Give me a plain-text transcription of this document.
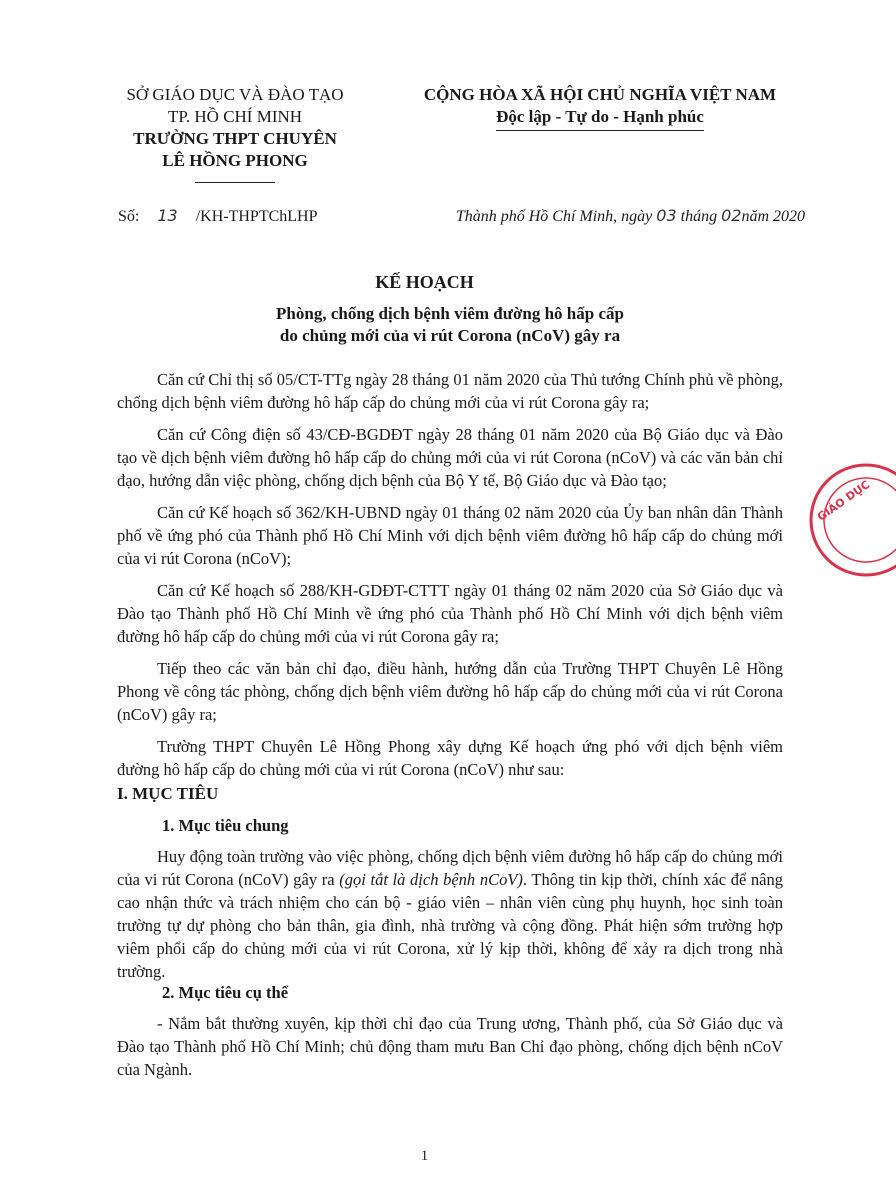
SỞ GIÁO DỤC VÀ ĐÀO TẠO
TP. HỒ CHÍ MINH
TRƯỜNG THPT CHUYÊN
LÊ HỒNG PHONG
CỘNG HÒA XÃ HỘI CHỦ NGHĨA VIỆT NAM
Độc lập - Tự do - Hạnh phúc
Số: 13 /KH-THPTChLHP	Thành phố Hồ Chí Minh, ngày 03 tháng 02năm 2020
KẾ HOẠCH
Phòng, chống dịch bệnh viêm đường hô hấp cấp
do chủng mới của vi rút Corona (nCoV) gây ra

Căn cứ Chỉ thị số 05/CT-TTg ngày 28 tháng 01 năm 2020 của Thủ tướng Chính phủ về phòng, chống dịch bệnh viêm đường hô hấp cấp do chủng mới của vi rút Corona gây ra;

Căn cứ Công điện số 43/CĐ-BGDĐT ngày 28 tháng 01 năm 2020 của Bộ Giáo dục và Đào tạo về dịch bệnh viêm đường hô hấp cấp do chủng mới của vi rút Corona (nCoV) và các văn bản chỉ đạo, hướng dẫn việc phòng, chống dịch bệnh của Bộ Y tế, Bộ Giáo dục và Đào tạo;

Căn cứ Kế hoạch số 362/KH-UBND ngày 01 tháng 02 năm 2020 của Ủy ban nhân dân Thành phố về ứng phó của Thành phố Hồ Chí Minh với dịch bệnh viêm đường hô hấp cấp do chủng mới của vi rút Corona (nCoV);

Căn cứ Kế hoạch số 288/KH-GDĐT-CTTT ngày 01 tháng 02 năm 2020 của Sở Giáo dục và Đào tạo Thành phố Hồ Chí Minh về ứng phó của Thành phố Hồ Chí Minh với dịch bệnh viêm đường hô hấp cấp do chủng mới của vi rút Corona gây ra;

Tiếp theo các văn bản chỉ đạo, điều hành, hướng dẫn của Trường THPT Chuyên Lê Hồng Phong về công tác phòng, chống dịch bệnh viêm đường hô hấp cấp do chủng mới của vi rút Corona (nCoV) gây ra;

Trường THPT Chuyên Lê Hồng Phong xây dựng Kế hoạch ứng phó với dịch bệnh viêm đường hô hấp cấp do chủng mới của vi rút Corona (nCoV) như sau:

I. MỤC TIÊU
1. Mục tiêu chung

Huy động toàn trường vào việc phòng, chống dịch bệnh viêm đường hô hấp cấp do chủng mới của vi rút Corona (nCoV) gây ra (gọi tắt là dịch bệnh nCoV). Thông tin kịp thời, chính xác để nâng cao nhận thức và trách nhiệm cho cán bộ - giáo viên – nhân viên cùng phụ huynh, học sinh toàn trường tự dự phòng cho bản thân, gia đình, nhà trường và cộng đồng. Phát hiện sớm trường hợp viêm phổi cấp do chủng mới của vi rút Corona, xử lý kịp thời, không để xảy ra dịch trong nhà trường.

2. Mục tiêu cụ thể

- Nắm bắt thường xuyên, kịp thời chỉ đạo của Trung ương, Thành phố, của Sở Giáo dục và Đào tạo Thành phố Hồ Chí Minh; chủ động tham mưu Ban Chỉ đạo phòng, chống dịch bệnh nCoV của Ngành.

1
GIÁO DỤC
